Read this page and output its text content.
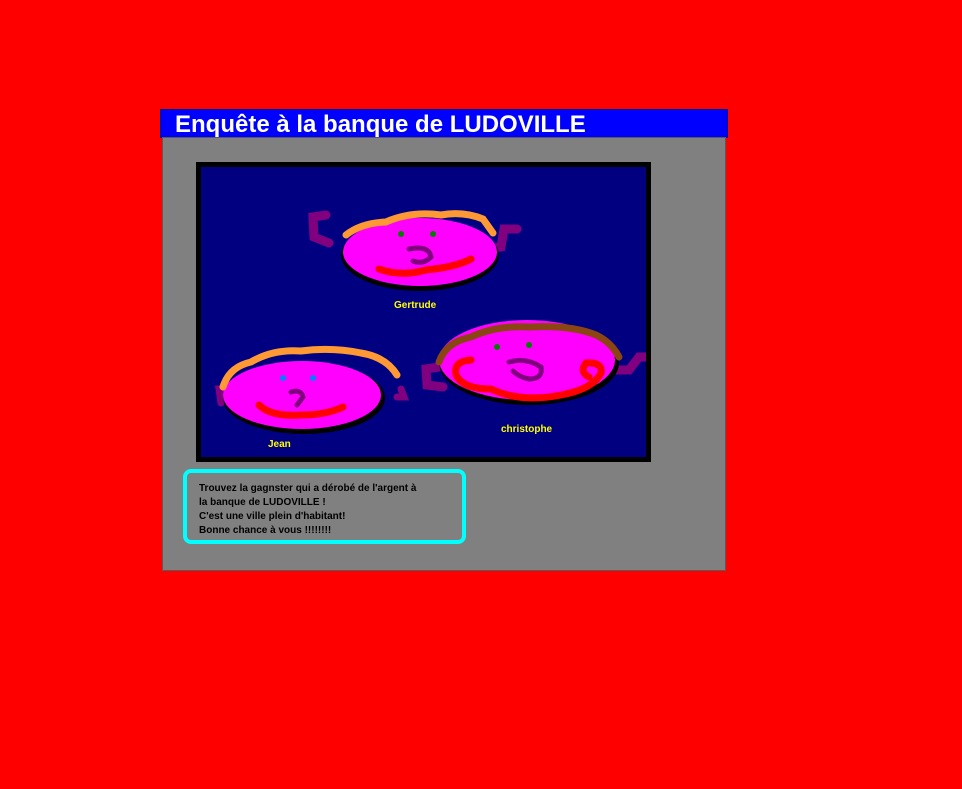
Enquête à la banque de LUDOVILLE
Gertrude
Jean
christophe
Trouvez la gagnster qui a dérobé de l'argent à
la banque de LUDOVILLE !
C'est une ville plein d'habitant!
Bonne chance à vous !!!!!!!!
